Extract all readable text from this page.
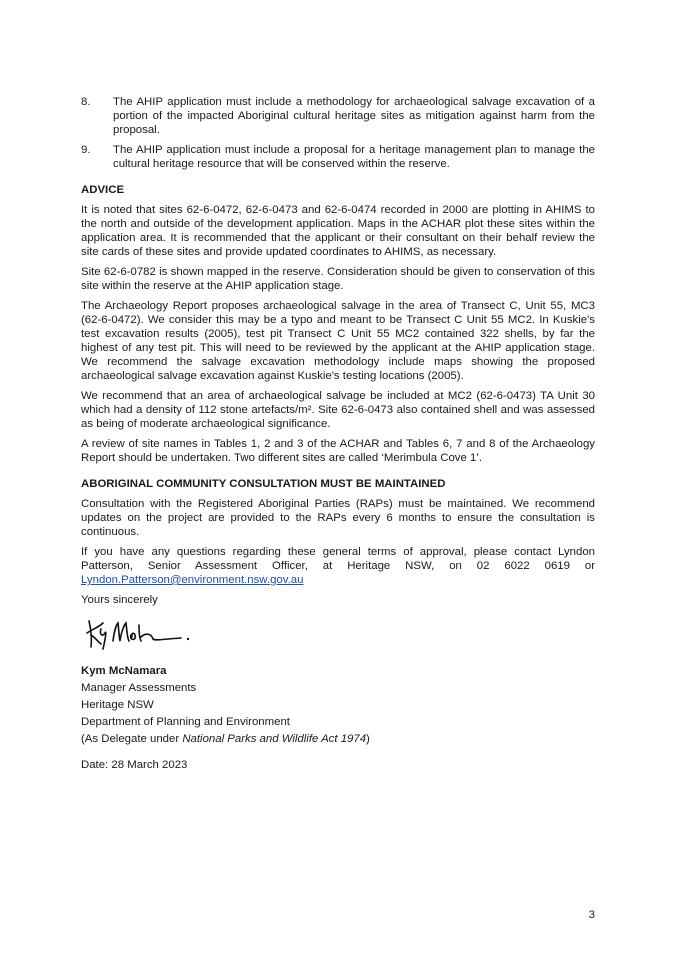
8.	The AHIP application must include a methodology for archaeological salvage excavation of a portion of the impacted Aboriginal cultural heritage sites as mitigation against harm from the proposal.
9.	The AHIP application must include a proposal for a heritage management plan to manage the cultural heritage resource that will be conserved within the reserve.
ADVICE

It is noted that sites 62-6-0472, 62-6-0473 and 62-6-0474 recorded in 2000 are plotting in AHIMS to the north and outside of the development application. Maps in the ACHAR plot these sites within the application area. It is recommended that the applicant or their consultant on their behalf review the site cards of these sites and provide updated coordinates to AHIMS, as necessary.

Site 62-6-0782 is shown mapped in the reserve. Consideration should be given to conservation of this site within the reserve at the AHIP application stage.

The Archaeology Report proposes archaeological salvage in the area of Transect C, Unit 55, MC3 (62-6-0472). We consider this may be a typo and meant to be Transect C Unit 55 MC2. In Kuskie's test excavation results (2005), test pit Transect C Unit 55 MC2 contained 322 shells, by far the highest of any test pit. This will need to be reviewed by the applicant at the AHIP application stage. We recommend the salvage excavation methodology include maps showing the proposed archaeological salvage excavation against Kuskie's testing locations (2005).

We recommend that an area of archaeological salvage be included at MC2 (62-6-0473) TA Unit 30 which had a density of 112 stone artefacts/m². Site 62-6-0473 also contained shell and was assessed as being of moderate archaeological significance.

A review of site names in Tables 1, 2 and 3 of the ACHAR and Tables 6, 7 and 8 of the Archaeology Report should be undertaken. Two different sites are called ‘Merimbula Cove 1’.

ABORIGINAL COMMUNITY CONSULTATION MUST BE MAINTAINED

Consultation with the Registered Aboriginal Parties (RAPs) must be maintained. We recommend updates on the project are provided to the RAPs every 6 months to ensure the consultation is continuous.

If you have any questions regarding these general terms of approval, please contact Lyndon Patterson, Senior Assessment Officer, at Heritage NSW, on 02 6022 0619 or Lyndon.Patterson@environment.nsw.gov.au

Yours sincerely
Kym McNamara
Manager Assessments
Heritage NSW
Department of Planning and Environment
(As Delegate under National Parks and Wildlife Act 1974)
Date: 28 March 2023
3
